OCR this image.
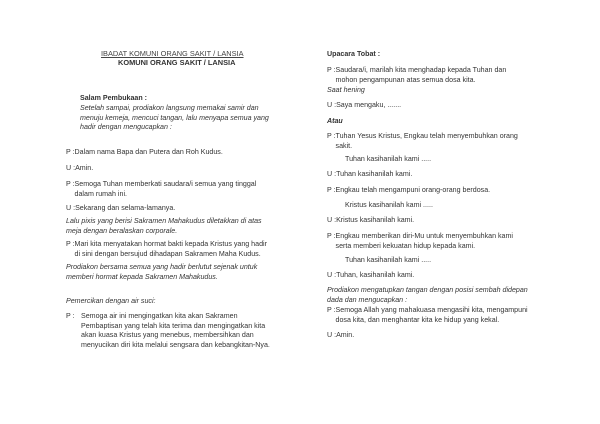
IBADAT KOMUNI ORANG SAKIT / LANSIA

KOMUNI ORANG SAKIT / LANSIA

Salam Pembukaan :

Setelah sampai, prodiakon langsung memakai samir dan
menuju kemeja, mencuci tangan, lalu menyapa semua yang
hadir dengan mengucapkan :

P : Dalam nama Bapa dan Putera dan Roh Kudus.
U : Amin.
P : Semoga Tuhan memberkati saudara/i semua yang tinggal
dalam rumah ini.
U : Sekarang dan selama-lamanya.

Lalu pixis yang berisi Sakramen Mahakudus diletakkan di atas
meja dengan beralaskan corporale.

P : Mari kita menyatakan hormat bakti kepada Kristus yang hadir
di sini dengan bersujud dihadapan Sakramen Maha Kudus.

Prodiakon bersama semua yang hadir berlutut sejenak untuk
memberi hormat kepada Sakramen Mahakudus.

Pemercikan dengan air suci:

P : Semoga air ini mengingatkan kita akan Sakramen
Pembaptisan yang telah kita terima dan mengingatkan kita
akan kuasa Kristus yang menebus, membersihkan dan
menyucikan diri kita melalui sengsara dan kebangkitan-Nya.

Upacara Tobat :

P : Saudara/i, marilah kita menghadap kepada Tuhan dan
mohon pengampunan atas semua dosa kita.

Saat hening

U : Saya mengaku, .......

Atau

P : Tuhan Yesus Kristus, Engkau telah menyembuhkan orang
sakit.

Tuhan kasihanilah kami .....

U : Tuhan kasihanilah kami.
P : Engkau telah mengampuni orang-orang berdosa.

Kristus kasihanilah kami .....

U : Kristus kasihanilah kami.
P : Engkau memberikan diri-Mu untuk menyembuhkan kami
serta memberi kekuatan hidup kepada kami.

Tuhan kasihanilah kami .....

U : Tuhan, kasihanilah kami.

Prodiakon mengatupkan tangan dengan posisi sembah didepan
dada dan mengucapkan :

P : Semoga Allah yang mahakuasa mengasihi kita, mengampuni
dosa kita, dan menghantar kita ke hidup yang kekal.
U : Amin.
